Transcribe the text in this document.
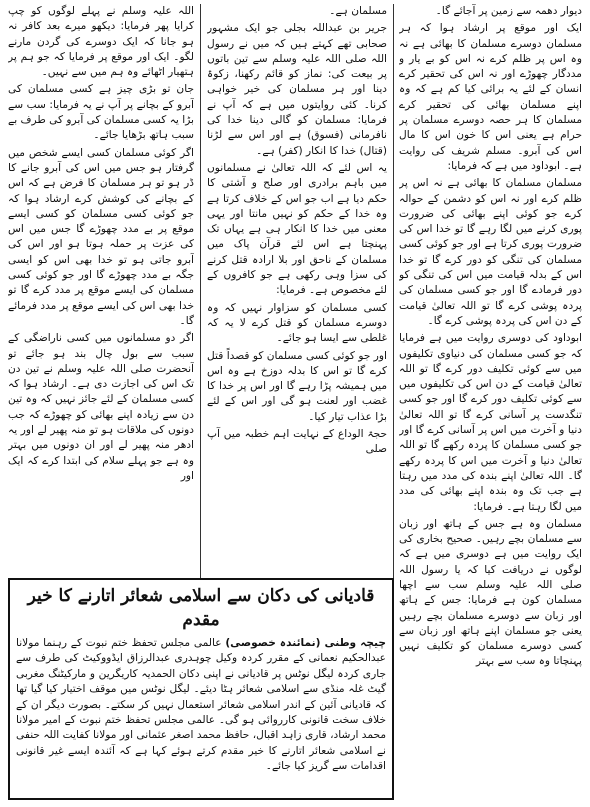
دیوار دھمہ سے زمین پر آجائے گا۔

ایک اور موقع پر ارشاد ہوا کہ ہر مسلمان دوسرے مسلمان کا بھائی ہے نہ وہ اس پر ظلم کرے نہ اس کو بے یار و مددگار چھوڑے اور نہ اس کی تحقیر کرے انسان کے لئے یہ برائی کیا کم ہے کہ وہ اپنے مسلمان بھائی کی تحقیر کرے مسلمان کا ہر حصہ دوسرے مسلمان پر حرام ہے یعنی اس کا خون اس کا مال اس کی آبرو۔ مسلم شریف کی روایت ہے۔ ابوداود میں ہے کہ فرمایا:

مسلمان مسلمان کا بھائی ہے نہ اس پر ظلم کرے اور نہ اس کو دشمن کے حوالہ کرے جو کوئی اپنے بھائی کی ضرورت پوری کرنے میں لگا رہے گا تو خدا اس کی ضرورت پوری کرتا ہے اور جو کوئی کسی مسلمان کی تنگی کو دور کرے گا تو خدا اس کے بدلہ قیامت میں اس کی تنگی کو دور فرمادے گا اور جو کسی مسلمان کی پردہ پوشی کرے گا تو اللہ تعالیٰ قیامت کے دن اس کی پردہ پوشی کرے گا۔

ابوداود کی دوسری روایت میں ہے فرمایا کہ جو کسی مسلمان کی دنیاوی تکلیفوں میں سے کوئی تکلیف دور کرے گا تو اللہ تعالیٰ قیامت کے دن اس کی تکلیفوں میں سے کوئی تکلیف دور کرے گا اور جو کسی تنگدست پر آسانی کرے گا تو اللہ تعالیٰ دنیا و آخرت میں اس پر آسانی کرے گا اور جو کسی مسلمان کا پردہ رکھے گا تو اللہ تعالیٰ دنیا و آخرت میں اس کا پردہ رکھے گا۔ اللہ تعالیٰ اپنے بندہ کی مدد میں رہتا ہے جب تک وہ بندہ اپنے بھائی کی مدد میں لگا رہتا ہے۔ فرمایا:

مسلمان وہ ہے جس کے ہاتھ اور زبان سے مسلمان بچے رہیں۔ صحیح بخاری کی ایک روایت میں ہے دوسری میں ہے کہ لوگوں نے دریافت کیا کہ یا رسول اللہ صلی اللہ علیہ وسلم سب سے اچھا مسلمان کون ہے فرمایا: جس کے ہاتھ اور زبان سے دوسرے مسلمان بچے رہیں یعنی جو مسلمان اپنے ہاتھ اور زبان سے کسی دوسرے مسلمان کو تکلیف نہیں پہنچاتا وہ سب سے بہتر

مسلمان ہے۔

جریر بن عبداللہ بجلی جو ایک مشہور صحابی تھے کہتے ہیں کہ میں نے رسول اللہ صلی اللہ علیہ وسلم سے تین باتوں پر بیعت کی: نماز کو قائم رکھنا، زکوۃ دینا اور ہر مسلمان کی خیر خواہی کرنا۔ کئی روایتوں میں ہے کہ آپ نے فرمایا: مسلمان کو گالی دینا خدا کی نافرمانی (فسوق) ہے اور اس سے لڑنا (قتال) خدا کا انکار (کفر) ہے۔

یہ اس لئے کہ اللہ تعالیٰ نے مسلمانوں میں باہم برادری اور صلح و آشتی کا حکم دیا ہے اب جو اس کے خلاف کرتا ہے وہ خدا کے حکم کو نہیں مانتا اور یہی معنی میں خدا کا انکار ہی ہے یہاں تک پہنچتا ہے اس لئے قرآن پاک میں مسلمان کے ناحق اور بلا ارادہ قتل کرنے کی سزا وہی رکھی ہے جو کافروں کے لئے مخصوص ہے۔ فرمایا:

کسی مسلمان کو سزاوار نہیں کہ وہ دوسرے مسلمان کو قتل کرے لا یہ کہ غلطی سے ایسا ہو جائے۔

اور جو کوئی کسی مسلمان کو قصداً قتل کرے گا تو اس کا بدلہ دوزخ ہے وہ اس میں ہمیشہ پڑا رہے گا اور اس پر خدا کا غضب اور لعنت ہو گی اور اس کے لئے بڑا عذاب تیار کیا۔

حجۃ الوداع کے نہایت اہم خطبہ میں آپ صلی

اللہ علیہ وسلم نے پہلے لوگوں کو چپ کرایا پھر فرمایا: دیکھو میرے بعد کافر نہ ہو جانا کہ ایک دوسرے کی گردن مارنے لگو۔ ایک اور موقع پر فرمایا کہ جو ہم پر ہتھیار اٹھائے وہ ہم میں سے نہیں۔

جان تو بڑی چیز ہے کسی مسلمان کی آبرو کے بچانے پر آپ نے یہ فرمایا: سب سے بڑا یہ کسی مسلمان کی آبرو کی طرف بے سبب ہاتھ بڑھایا جائے۔

اگر کوئی مسلمان کسی ایسے شخص میں گرفتار ہو جس میں اس کی آبرو جانے کا ڈر ہو تو ہر مسلمان کا فرض ہے کہ اس کے بچانے کی کوشش کرے ارشاد ہوا کہ جو کوئی کسی مسلمان کو کسی ایسے موقع پر بے مدد چھوڑے گا جس میں اس کی عزت پر حملہ ہوتا ہو اور اس کی آبرو جاتی ہو تو خدا بھی اس کو ایسی جگہ بے مدد چھوڑے گا اور جو کوئی کسی مسلمان کی ایسے موقع پر مدد کرے گا تو خدا بھی اس کی ایسے موقع پر مدد فرمائے گا۔

اگر دو مسلمانوں میں کسی ناراضگی کے سبب سے بول چال بند ہو جائے تو آنحضرت صلی اللہ علیہ وسلم نے تین دن تک اس کی اجازت دی ہے۔ ارشاد ہوا کہ کسی مسلمان کے لئے جائز نہیں کہ وہ تین دن سے زیادہ اپنے بھائی کو چھوڑے کہ جب دونوں کی ملاقات ہو تو منہ پھیر لے اور یہ ادھر منہ پھیر لے اور ان دونوں میں بہتر وہ ہے جو پہلے سلام کی ابتدا کرے کہ ایک اور

قادیانی کی دکان سے اسلامی شعائر اتارنے کا خیر مقدم

چیچہ وطنی (نمائندہ خصوصی) عالمی مجلس تحفظ ختم نبوت کے رہنما مولانا عبدالحکیم نعمانی کے مقرر کردہ وکیل چوہدری عبدالرزاق ایڈووکیٹ کی طرف سے جاری کردہ لیگل نوٹس پر قادیانی نے اپنی دکان الحمدیہ کاریگرین و مارکیٹنگ مغربی گیٹ غلہ منڈی سے اسلامی شعائر ہٹا دیئے۔ لیگل نوٹس میں موقف اختیار کیا گیا تھا کہ قادیانی آئین کے اندر اسلامی شعائر استعمال نہیں کر سکتے۔ بصورت دیگر ان کے خلاف سخت قانونی کارروائی ہو گی۔ عالمی مجلس تحفظ ختم نبوت کے امیر مولانا محمد ارشاد، قاری زاہد اقبال، حافظ محمد اصغر عثمانی اور مولانا کفایت اللہ حنفی نے اسلامی شعائر اتارنے کا خیر مقدم کرتے ہوئے کہا ہے کہ آئندہ ایسے غیر قانونی اقدامات سے گریز کیا جائے۔
